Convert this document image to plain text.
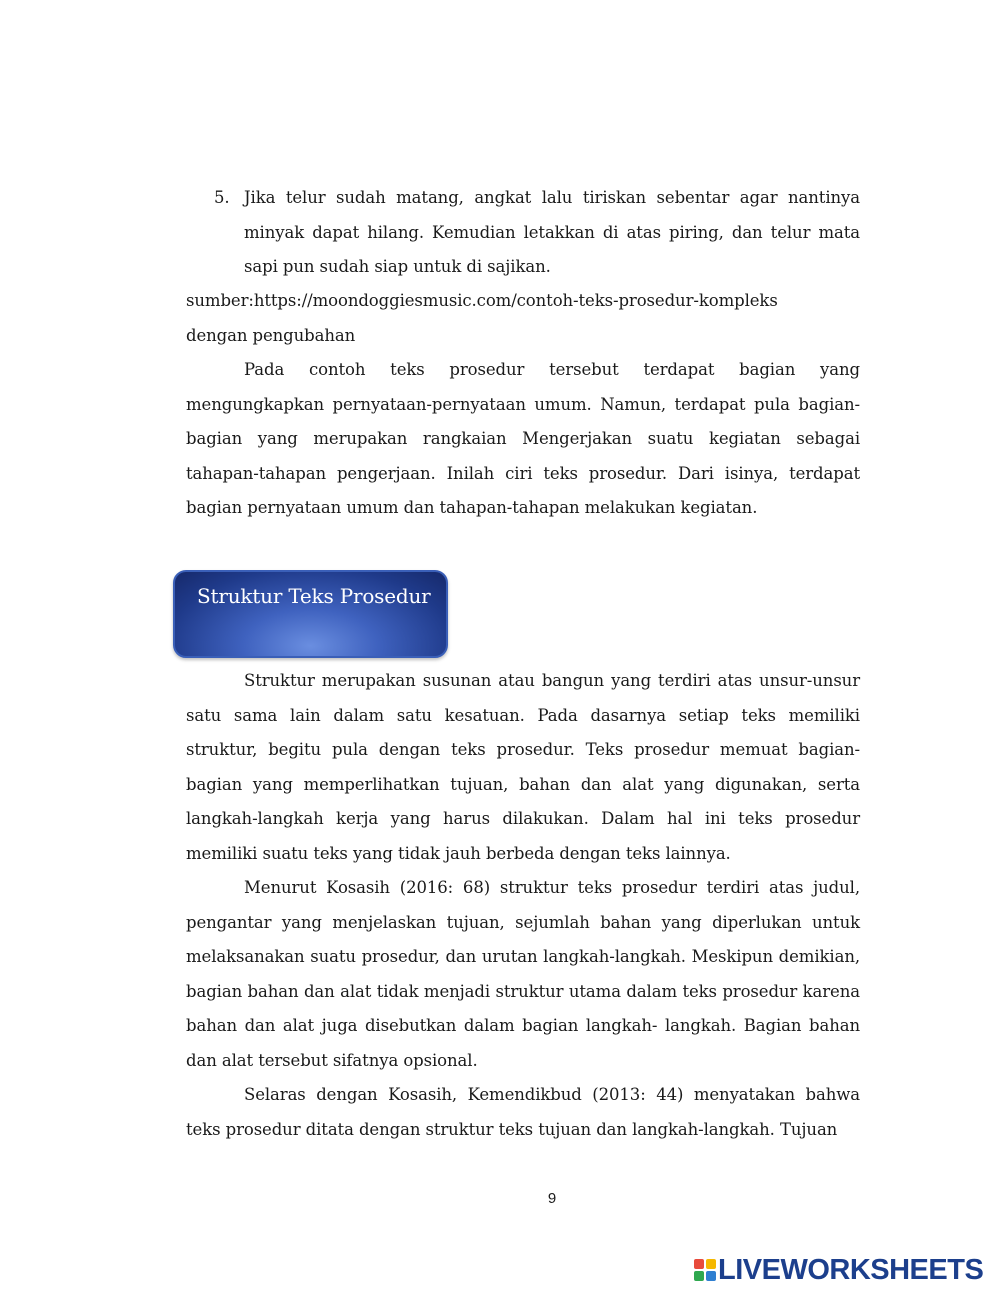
5. Jika telur sudah matang, angkat lalu tiriskan sebentar agar nantinya minyak dapat hilang. Kemudian letakkan di atas piring, dan telur mata sapi pun sudah siap untuk di sajikan.
sumber:https://moondoggiesmusic.com/contoh-teks-prosedur-kompleks
dengan pengubahan

Pada contoh teks prosedur tersebut terdapat bagian yang mengungkapkan pernyataan-pernyataan umum. Namun, terdapat pula bagian-bagian yang merupakan rangkaian Mengerjakan suatu kegiatan sebagai tahapan-tahapan pengerjaan. Inilah ciri teks prosedur. Dari isinya, terdapat bagian pernyataan umum dan tahapan-tahapan melakukan kegiatan.

Struktur Teks Prosedur

Struktur merupakan susunan atau bangun yang terdiri atas unsur-unsur satu sama lain dalam satu kesatuan. Pada dasarnya setiap teks memiliki struktur, begitu pula dengan teks prosedur. Teks prosedur memuat bagian-bagian yang memperlihatkan tujuan, bahan dan alat yang digunakan, serta langkah-langkah kerja yang harus dilakukan. Dalam hal ini teks prosedur memiliki suatu teks yang tidak jauh berbeda dengan teks lainnya.

Menurut Kosasih (2016: 68) struktur teks prosedur terdiri atas judul, pengantar yang menjelaskan tujuan, sejumlah bahan yang diperlukan untuk melaksanakan suatu prosedur, dan urutan langkah-langkah. Meskipun demikian, bagian bahan dan alat tidak menjadi struktur utama dalam teks prosedur karena bahan dan alat juga disebutkan dalam bagian langkah- langkah. Bagian bahan dan alat tersebut sifatnya opsional.

Selaras dengan Kosasih, Kemendikbud (2013: 44) menyatakan bahwa teks prosedur ditata dengan struktur teks tujuan dan langkah-langkah. Tujuan

9
LIVEWORKSHEETS
